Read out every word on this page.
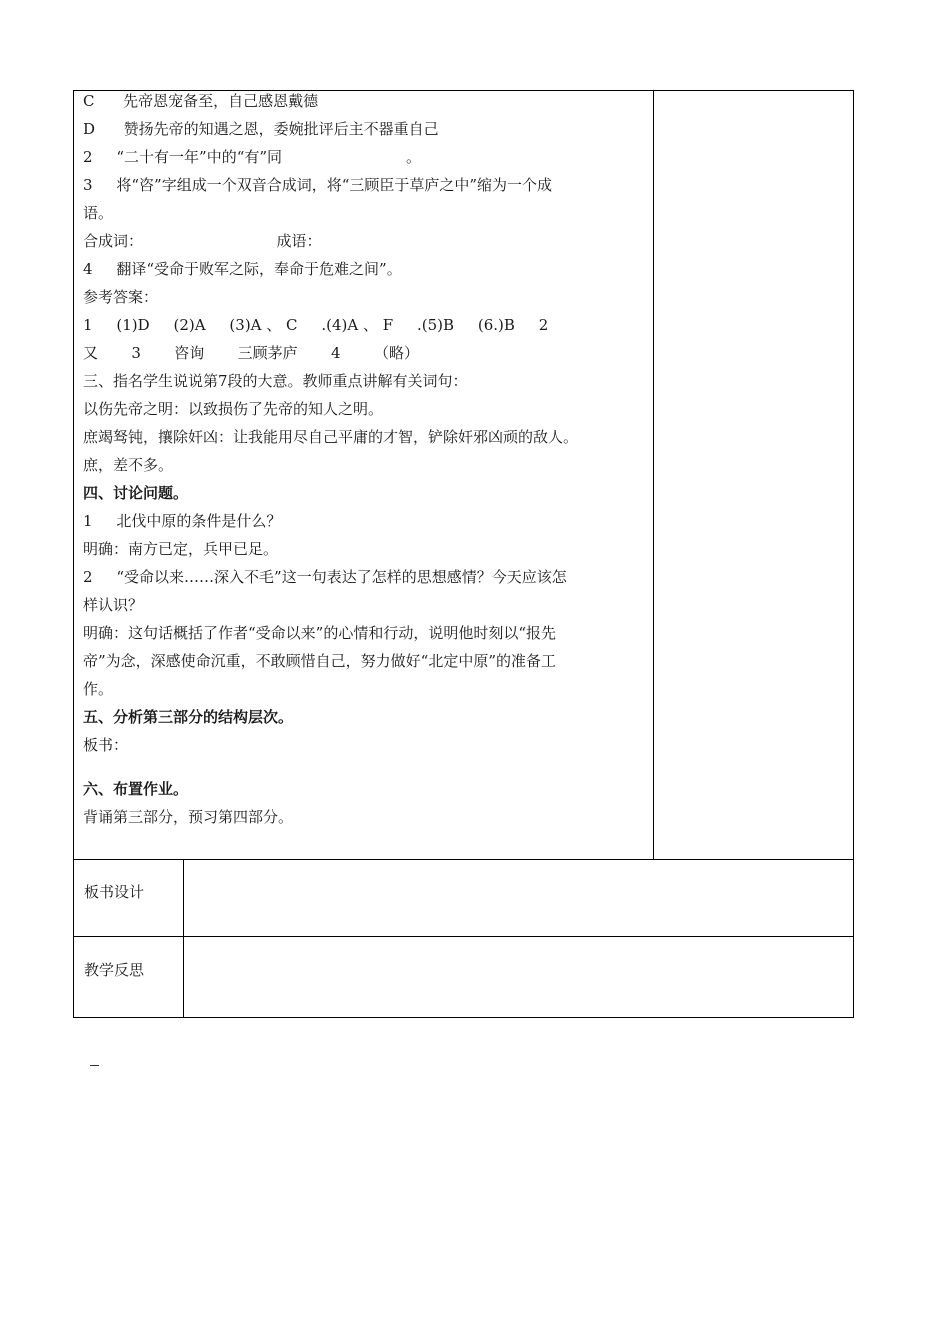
C      先帝恩宠备至，自己感恩戴德
D      赞扬先帝的知遇之恩，委婉批评后主不器重自己
2     “二十有一年”中的“有”同                          。
3     将“咨”字组成一个双音合成词，将“三顾臣于草庐之中”缩为一个成
语。
合成词：                            成语：
4     翻译“受命于败军之际，奉命于危难之间”。
参考答案：
1     (1)D     (2)A     (3)A 、 C     .(4)A 、 F     .(5)B     (6.)B     2
又       3       咨询       三顾茅庐       4       （略）
三、指名学生说说第7段的大意。教师重点讲解有关词句：
以伤先帝之明：以致损伤了先帝的知人之明。
庶竭驽钝，攘除奸凶：让我能用尽自己平庸的才智，铲除奸邪凶顽的敌人。
庶，差不多。
四、讨论问题。
1     北伐中原的条件是什么？
明确：南方已定，兵甲已足。
2     “受命以来……深入不毛”这一句表达了怎样的思想感情？今天应该怎
样认识？
明确：这句话概括了作者“受命以来”的心情和行动，说明他时刻以“报先
帝”为念，深感使命沉重，不敢顾惜自己，努力做好“北定中原”的准备工
作。
五、分析第三部分的结构层次。
板书：
六、布置作业。
背诵第三部分，预习第四部分。
板书设计
教学反思
